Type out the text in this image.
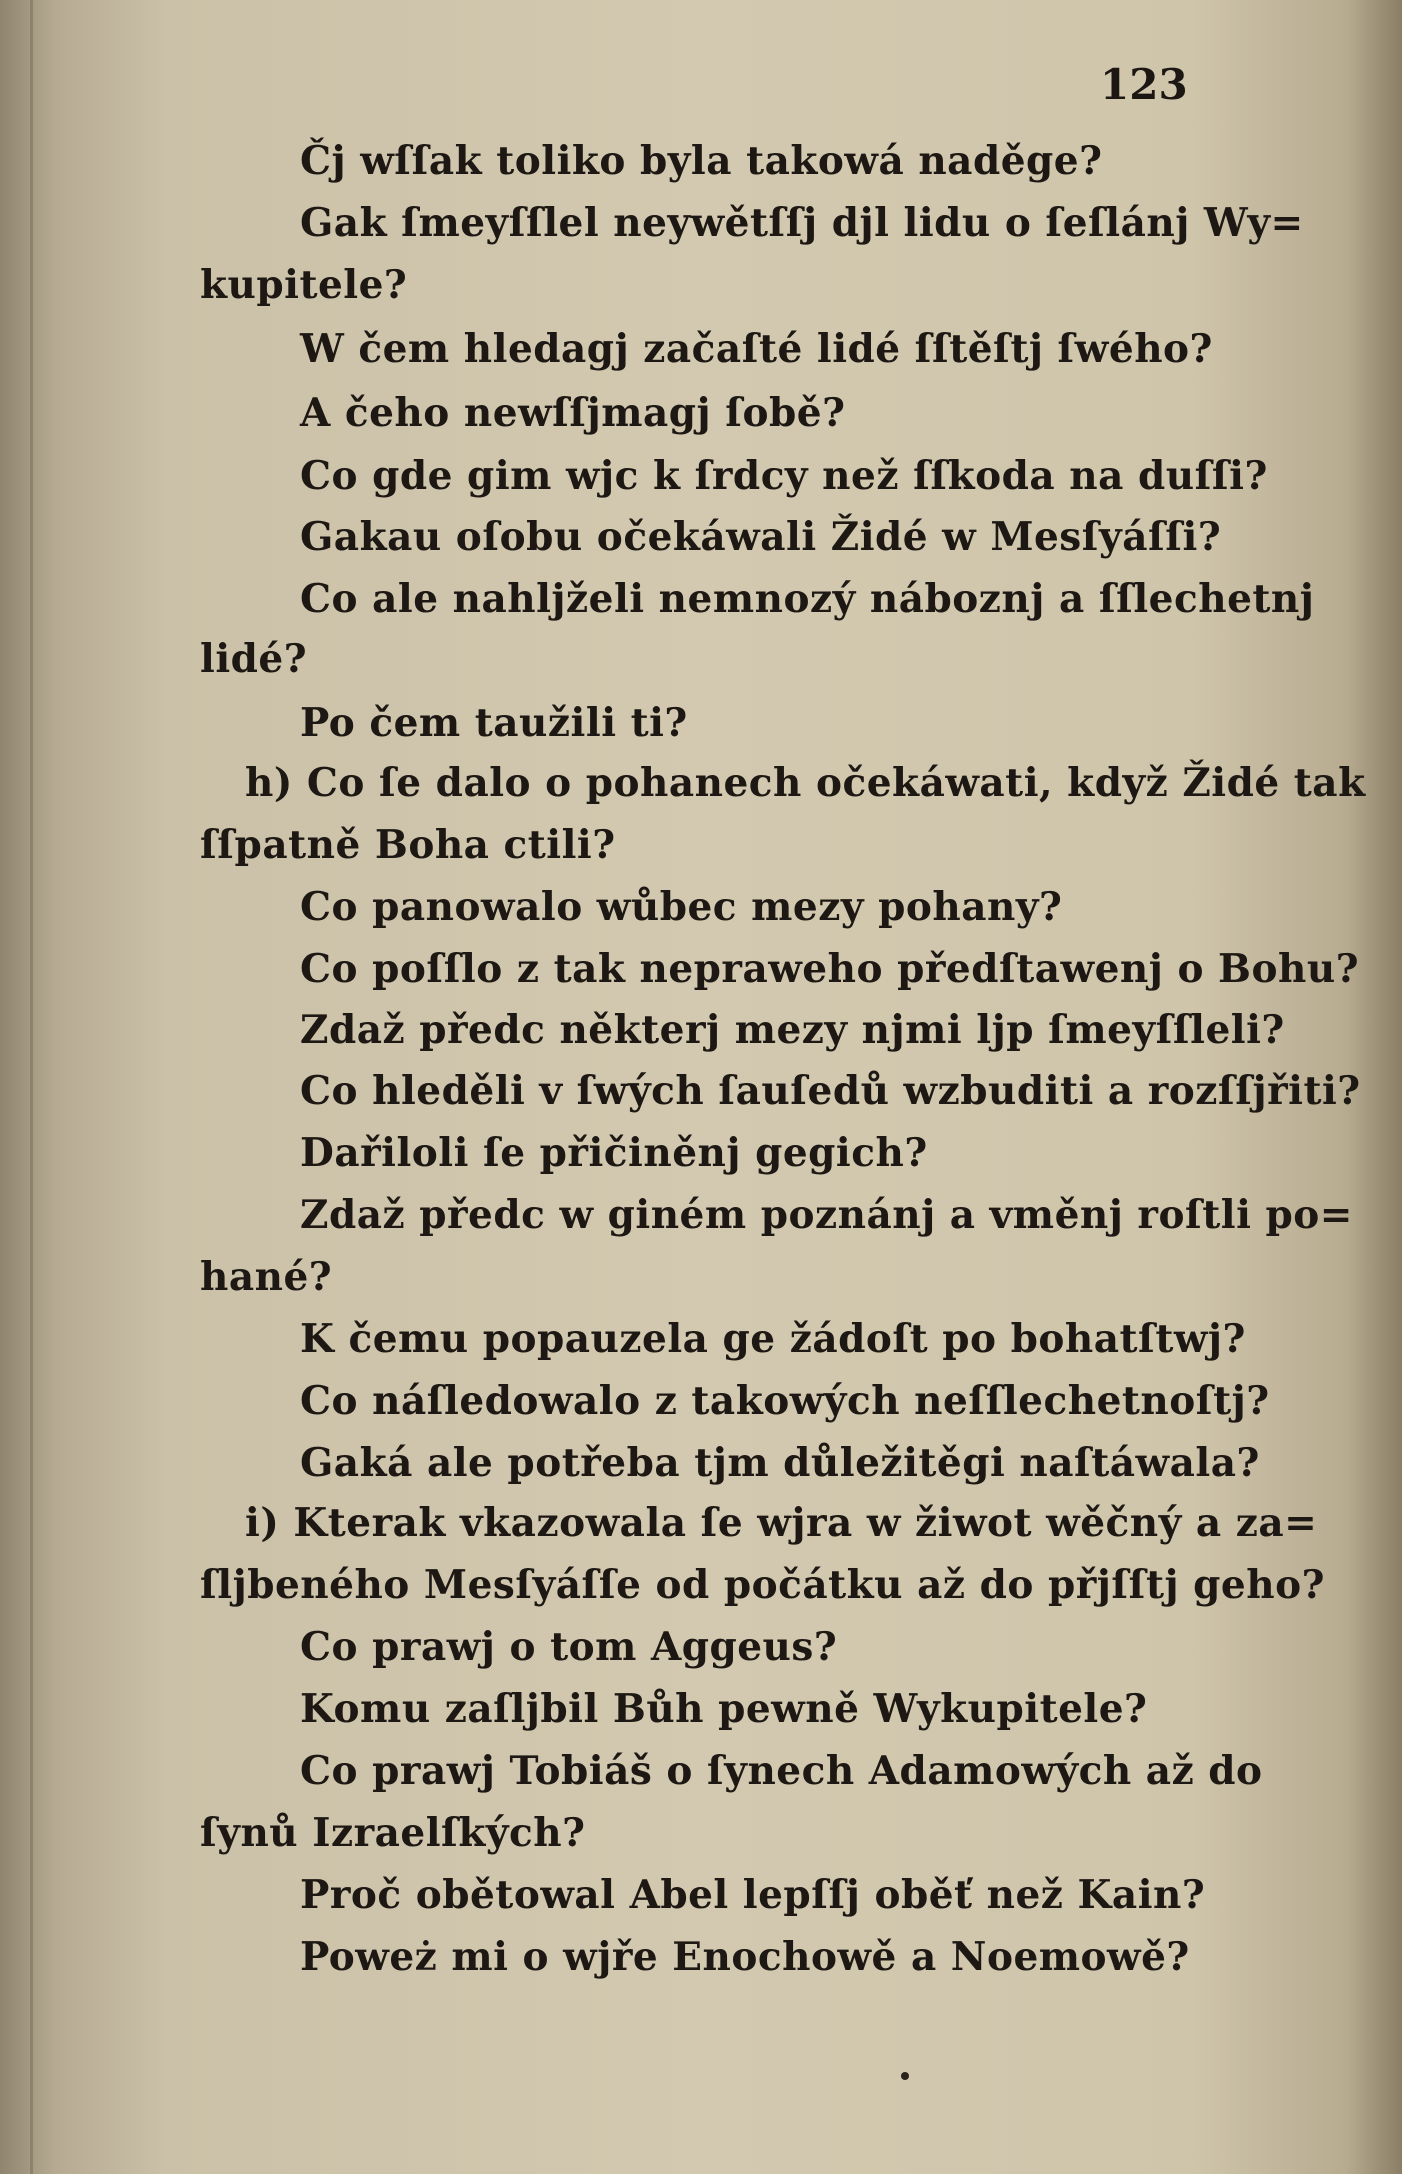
123
Čj wſſak toliko byla takowá naděge?
Gak ſmeyſſlel neywětſſj djl lidu o ſeſlánj Wy=
kupitele?
W čem hledagj začaſté lidé ſſtěſtj ſwého?
A čeho newſſjmagj ſobě?
Co gde gim wjc k ſrdcy než ſſkoda na duſſi?
Gakau oſobu očekáwali Židé w Mesſyáſſi?
Co ale nahljželi nemnozý náboznj a ſſlechetnj
lidé?
Po čem taužili ti?
h) Co ſe dalo o pohanech očekáwati, když Židé tak
ſſpatně Boha ctili?
Co panowalo wůbec mezy pohany?
Co poſſlo z tak nepraweho předſtawenj o Bohu?
Zdaž předc některj mezy njmi ljp ſmeyſſleli?
Co hleděli v ſwých ſauſedů wzbuditi a rozſſjřiti?
Dařiloli ſe přičiněnj gegich?
Zdaž předc w giném poznánj a vměnj roſtli po=
hané?
K čemu popauzela ge žádoſt po bohatſtwj?
Co náſledowalo z takowých neſſlechetnoſtj?
Gaká ale potřeba tjm důležitěgi naſtáwala?
i) Kterak vkazowala ſe wjra w žiwot wěčný a za=
ſljbeného Mesſyáſſe od počátku až do přjſſtj geho?
Co prawj o tom Aggeus?
Komu zaſljbil Bůh pewně Wykupitele?
Co prawj Tobiáš o ſynech Adamowých až do
ſynů Izraelſkých?
Proč obětowal Abel lepſſj oběť než Kain?
Poweż mi o wjře Enochowě a Noemowě?
